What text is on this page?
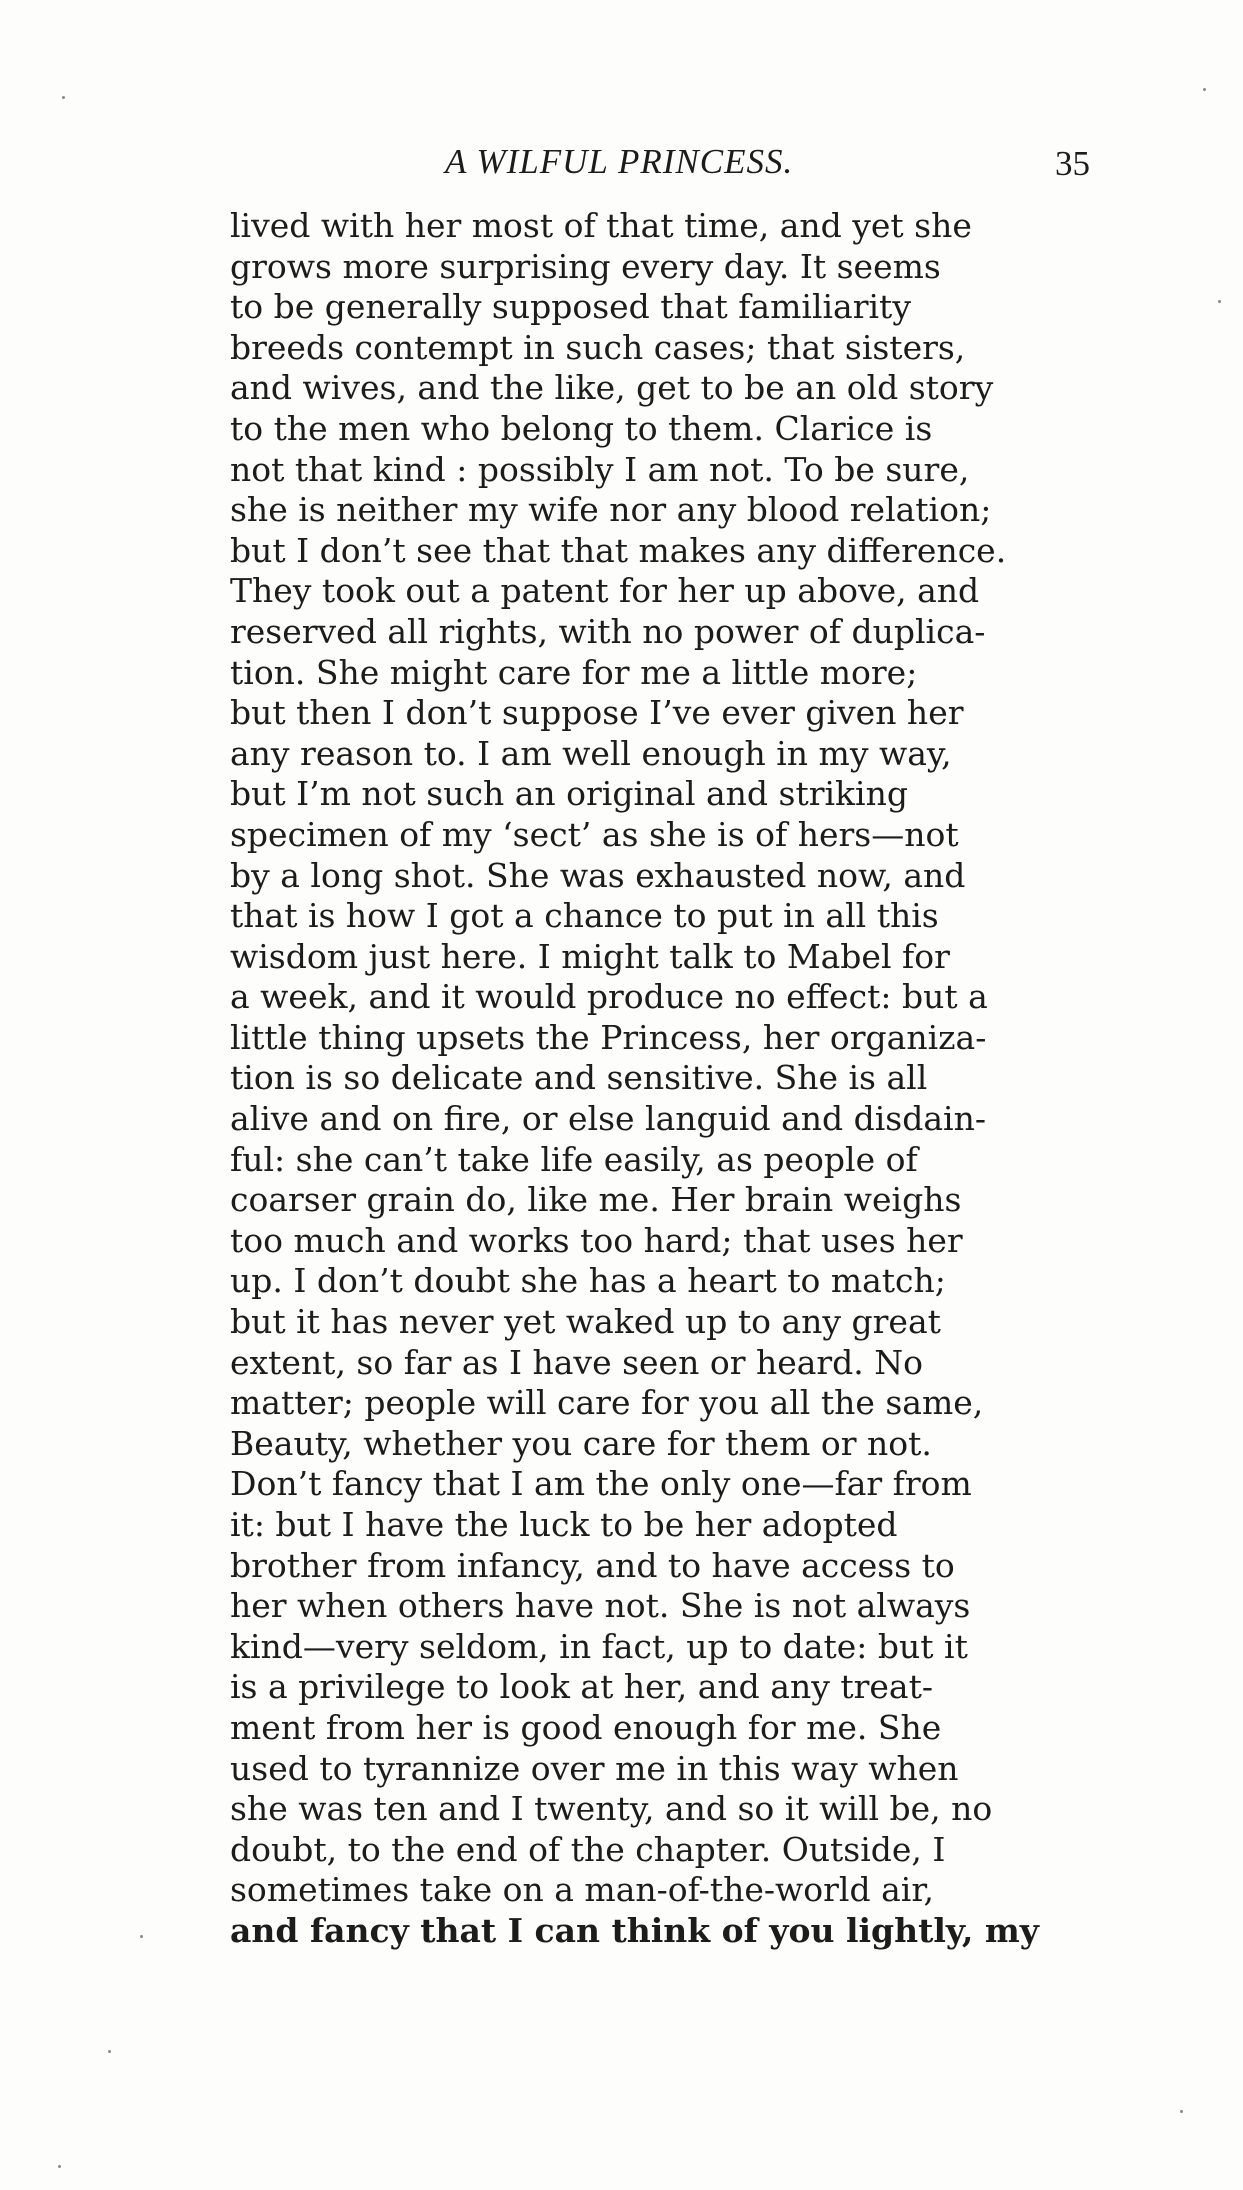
A WILFUL PRINCESS.	35
lived with her most of that time, and yet she
grows more surprising every day. It seems
to be generally supposed that familiarity
breeds contempt in such cases; that sisters,
and wives, and the like, get to be an old story
to the men who belong to them. Clarice is
not that kind : possibly I am not. To be sure,
she is neither my wife nor any blood relation;
but I don’t see that that makes any difference.
They took out a patent for her up above, and
reserved all rights, with no power of duplica-
tion. She might care for me a little more;
but then I don’t suppose I’ve ever given her
any reason to. I am well enough in my way,
but I’m not such an original and striking
specimen of my ‘sect’ as she is of hers—not
by a long shot. She was exhausted now, and
that is how I got a chance to put in all this
wisdom just here. I might talk to Mabel for
a week, and it would produce no effect: but a
little thing upsets the Princess, her organiza-
tion is so delicate and sensitive. She is all
alive and on fire, or else languid and disdain-
ful: she can’t take life easily, as people of
coarser grain do, like me. Her brain weighs
too much and works too hard; that uses her
up. I don’t doubt she has a heart to match;
but it has never yet waked up to any great
extent, so far as I have seen or heard. No
matter; people will care for you all the same,
Beauty, whether you care for them or not.
Don’t fancy that I am the only one—far from
it: but I have the luck to be her adopted
brother from infancy, and to have access to
her when others have not. She is not always
kind—very seldom, in fact, up to date: but it
is a privilege to look at her, and any treat-
ment from her is good enough for me. She
used to tyrannize over me in this way when
she was ten and I twenty, and so it will be, no
doubt, to the end of the chapter. Outside, I
sometimes take on a man-of-the-world air,
and fancy that I can think of you lightly, my
